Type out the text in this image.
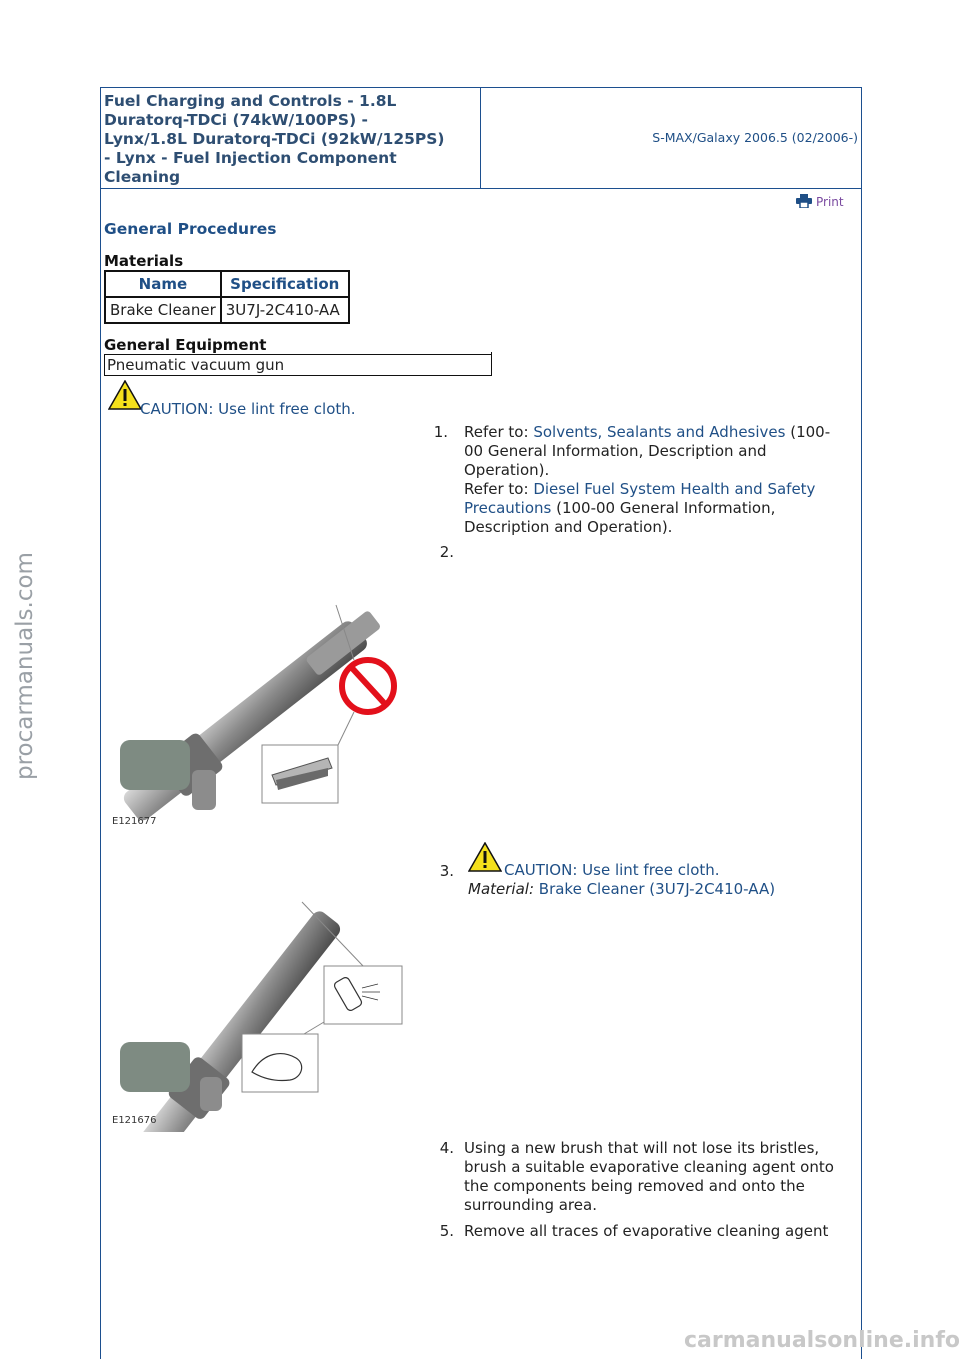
Fuel Charging and Controls - 1.8L
Duratorq-TDCi (74kW/100PS) -
Lynx/1.8L Duratorq-TDCi (92kW/125PS)
- Lynx - Fuel Injection Component
Cleaning
S-MAX/Galaxy 2006.5 (02/2006-)
Print
General Procedures
Materials
Name	Specification
Brake Cleaner	3U7J-2C410-AA
General Equipment
Pneumatic vacuum gun
CAUTION: Use lint free cloth.
1. Refer to: Solvents, Sealants and Adhesives (100-
00 General Information, Description and
Operation).
Refer to: Diesel Fuel System Health and Safety
Precautions (100-00 General Information,
Description and Operation).
2.
E121677
3.	CAUTION: Use lint free cloth.
Material: Brake Cleaner (3U7J-2C410-AA)
E121676
4. Using a new brush that will not lose its bristles,
brush a suitable evaporative cleaning agent onto
the components being removed and onto the
surrounding area.
5. Remove all traces of evaporative cleaning agent
procarmanuals.com
carmanualsonline.info
